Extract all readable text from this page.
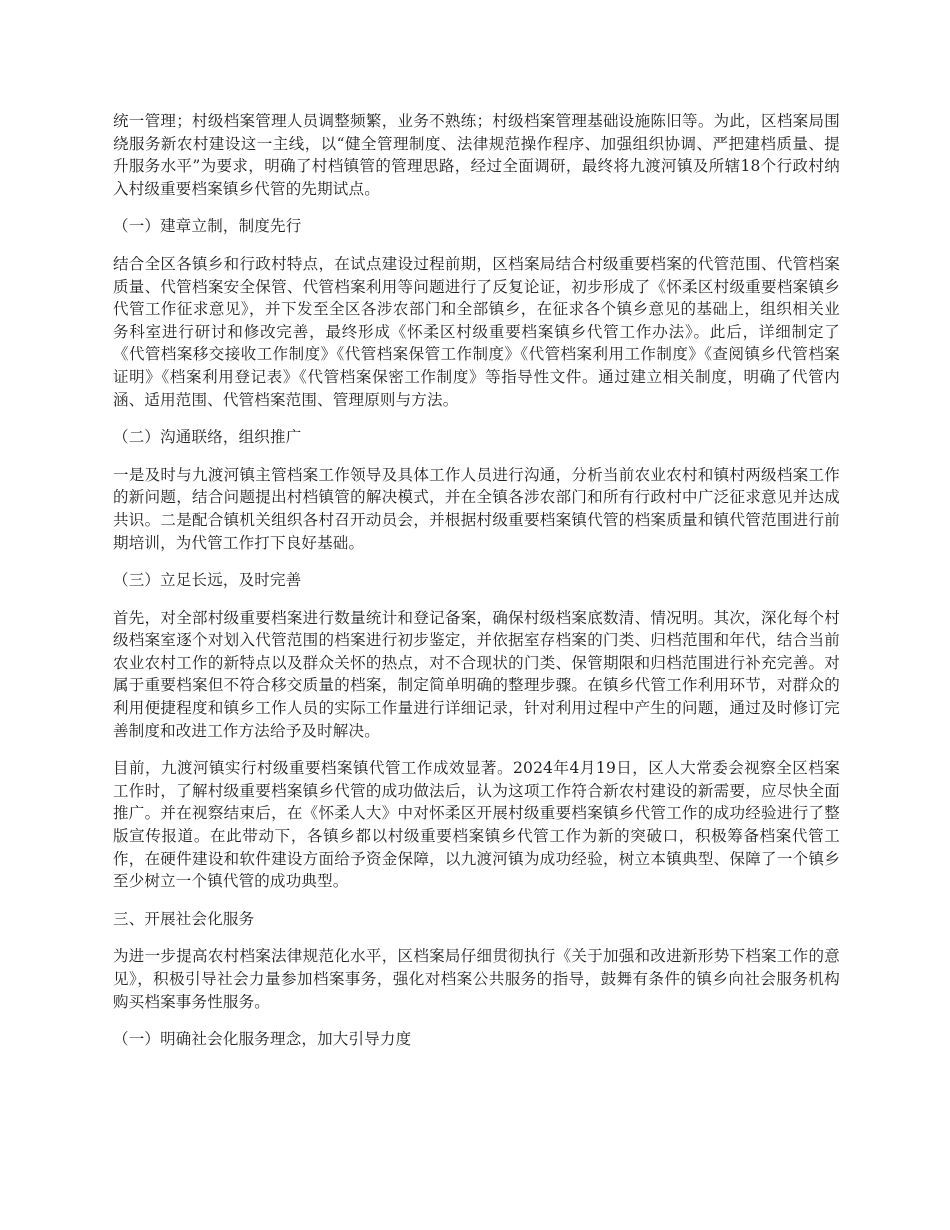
统一管理；村级档案管理人员调整频繁，业务不熟练；村级档案管理基础设施陈旧等。为此，区档案局围绕服务新农村建设这一主线，以“健全管理制度、法律规范操作程序、加强组织协调、严把建档质量、提升服务水平”为要求，明确了村档镇管的管理思路，经过全面调研，最终将九渡河镇及所辖18个行政村纳入村级重要档案镇乡代管的先期试点。

（一）建章立制，制度先行

结合全区各镇乡和行政村特点，在试点建设过程前期，区档案局结合村级重要档案的代管范围、代管档案质量、代管档案安全保管、代管档案利用等问题进行了反复论证，初步形成了《怀柔区村级重要档案镇乡代管工作征求意见》，并下发至全区各涉农部门和全部镇乡，在征求各个镇乡意见的基础上，组织相关业务科室进行研讨和修改完善，最终形成《怀柔区村级重要档案镇乡代管工作办法》。此后，详细制定了《代管档案移交接收工作制度》《代管档案保管工作制度》《代管档案利用工作制度》《查阅镇乡代管档案证明》《档案利用登记表》《代管档案保密工作制度》等指导性文件。通过建立相关制度，明确了代管内涵、适用范围、代管档案范围、管理原则与方法。

（二）沟通联络，组织推广

一是及时与九渡河镇主管档案工作领导及具体工作人员进行沟通，分析当前农业农村和镇村两级档案工作的新问题，结合问题提出村档镇管的解决模式，并在全镇各涉农部门和所有行政村中广泛征求意见并达成共识。二是配合镇机关组织各村召开动员会，并根据村级重要档案镇代管的档案质量和镇代管范围进行前期培训，为代管工作打下良好基础。

（三）立足长远，及时完善

首先，对全部村级重要档案进行数量统计和登记备案，确保村级档案底数清、情况明。其次，深化每个村级档案室逐个对划入代管范围的档案进行初步鉴定，并依据室存档案的门类、归档范围和年代，结合当前农业农村工作的新特点以及群众关怀的热点，对不合现状的门类、保管期限和归档范围进行补充完善。对属于重要档案但不符合移交质量的档案，制定简单明确的整理步骤。在镇乡代管工作利用环节，对群众的利用便捷程度和镇乡工作人员的实际工作量进行详细记录，针对利用过程中产生的问题，通过及时修订完善制度和改进工作方法给予及时解决。

目前，九渡河镇实行村级重要档案镇代管工作成效显著。2024年4月19日，区人大常委会视察全区档案工作时，了解村级重要档案镇乡代管的成功做法后，认为这项工作符合新农村建设的新需要，应尽快全面推广。并在视察结束后，在《怀柔人大》中对怀柔区开展村级重要档案镇乡代管工作的成功经验进行了整版宣传报道。在此带动下，各镇乡都以村级重要档案镇乡代管工作为新的突破口，积极筹备档案代管工作，在硬件建设和软件建设方面给予资金保障，以九渡河镇为成功经验，树立本镇典型、保障了一个镇乡至少树立一个镇代管的成功典型。

三、开展社会化服务

为进一步提高农村档案法律规范化水平，区档案局仔细贯彻执行《关于加强和改进新形势下档案工作的意见》，积极引导社会力量参加档案事务，强化对档案公共服务的指导，鼓舞有条件的镇乡向社会服务机构购买档案事务性服务。

（一）明确社会化服务理念，加大引导力度
